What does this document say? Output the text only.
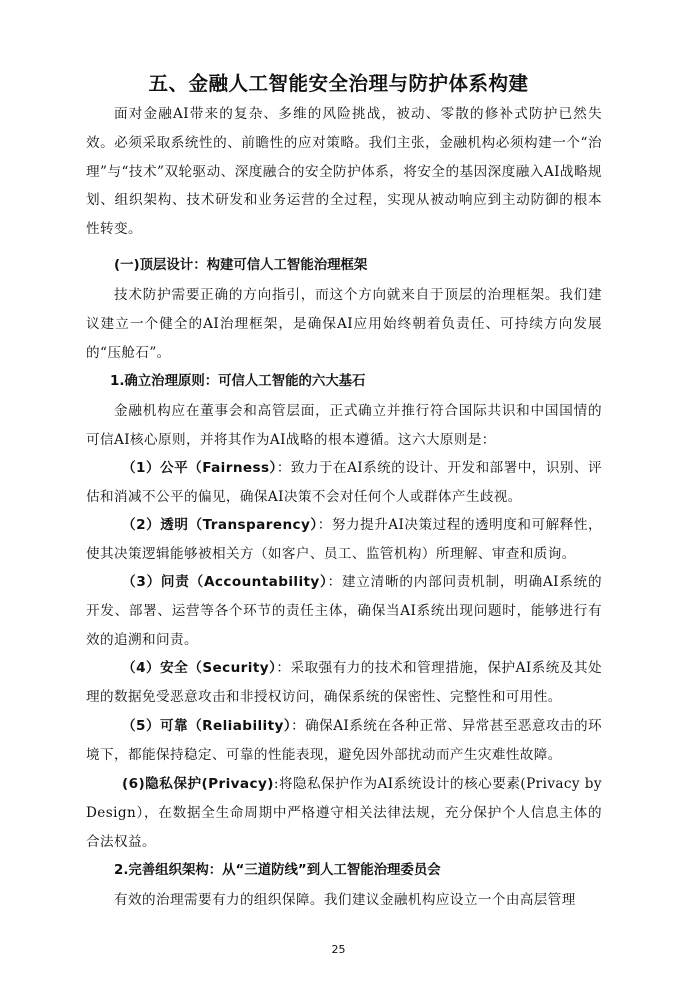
五、金融人工智能安全治理与防护体系构建

面对金融AI带来的复杂、多维的风险挑战，被动、零散的修补式防护已然失效。必须采取系统性的、前瞻性的应对策略。我们主张，金融机构必须构建一个“治理”与“技术”双轮驱动、深度融合的安全防护体系，将安全的基因深度融入AI战略规划、组织架构、技术研发和业务运营的全过程，实现从被动响应到主动防御的根本性转变。

(一)顶层设计：构建可信人工智能治理框架

技术防护需要正确的方向指引，而这个方向就来自于顶层的治理框架。我们建议建立一个健全的AI治理框架，是确保AI应用始终朝着负责任、可持续方向发展的“压舱石”。

1.确立治理原则：可信人工智能的六大基石

金融机构应在董事会和高管层面，正式确立并推行符合国际共识和中国国情的可信AI核心原则，并将其作为AI战略的根本遵循。这六大原则是：

（1）公平（Fairness）：致力于在AI系统的设计、开发和部署中，识别、评估和消减不公平的偏见，确保AI决策不会对任何个人或群体产生歧视。

（2）透明（Transparency）：努力提升AI决策过程的透明度和可解释性，使其决策逻辑能够被相关方（如客户、员工、监管机构）所理解、审查和质询。

（3）问责（Accountability）：建立清晰的内部问责机制，明确AI系统的开发、部署、运营等各个环节的责任主体，确保当AI系统出现问题时，能够进行有效的追溯和问责。

（4）安全（Security）：采取强有力的技术和管理措施，保护AI系统及其处理的数据免受恶意攻击和非授权访问，确保系统的保密性、完整性和可用性。

（5）可靠（Reliability）：确保AI系统在各种正常、异常甚至恶意攻击的环境下，都能保持稳定、可靠的性能表现，避免因外部扰动而产生灾难性故障。

(6)隐私保护(Privacy):将隐私保护作为AI系统设计的核心要素(Privacy by Design），在数据全生命周期中严格遵守相关法律法规，充分保护个人信息主体的合法权益。

2.完善组织架构：从“三道防线”到人工智能治理委员会

有效的治理需要有力的组织保障。我们建议金融机构应设立一个由高层管理

25
